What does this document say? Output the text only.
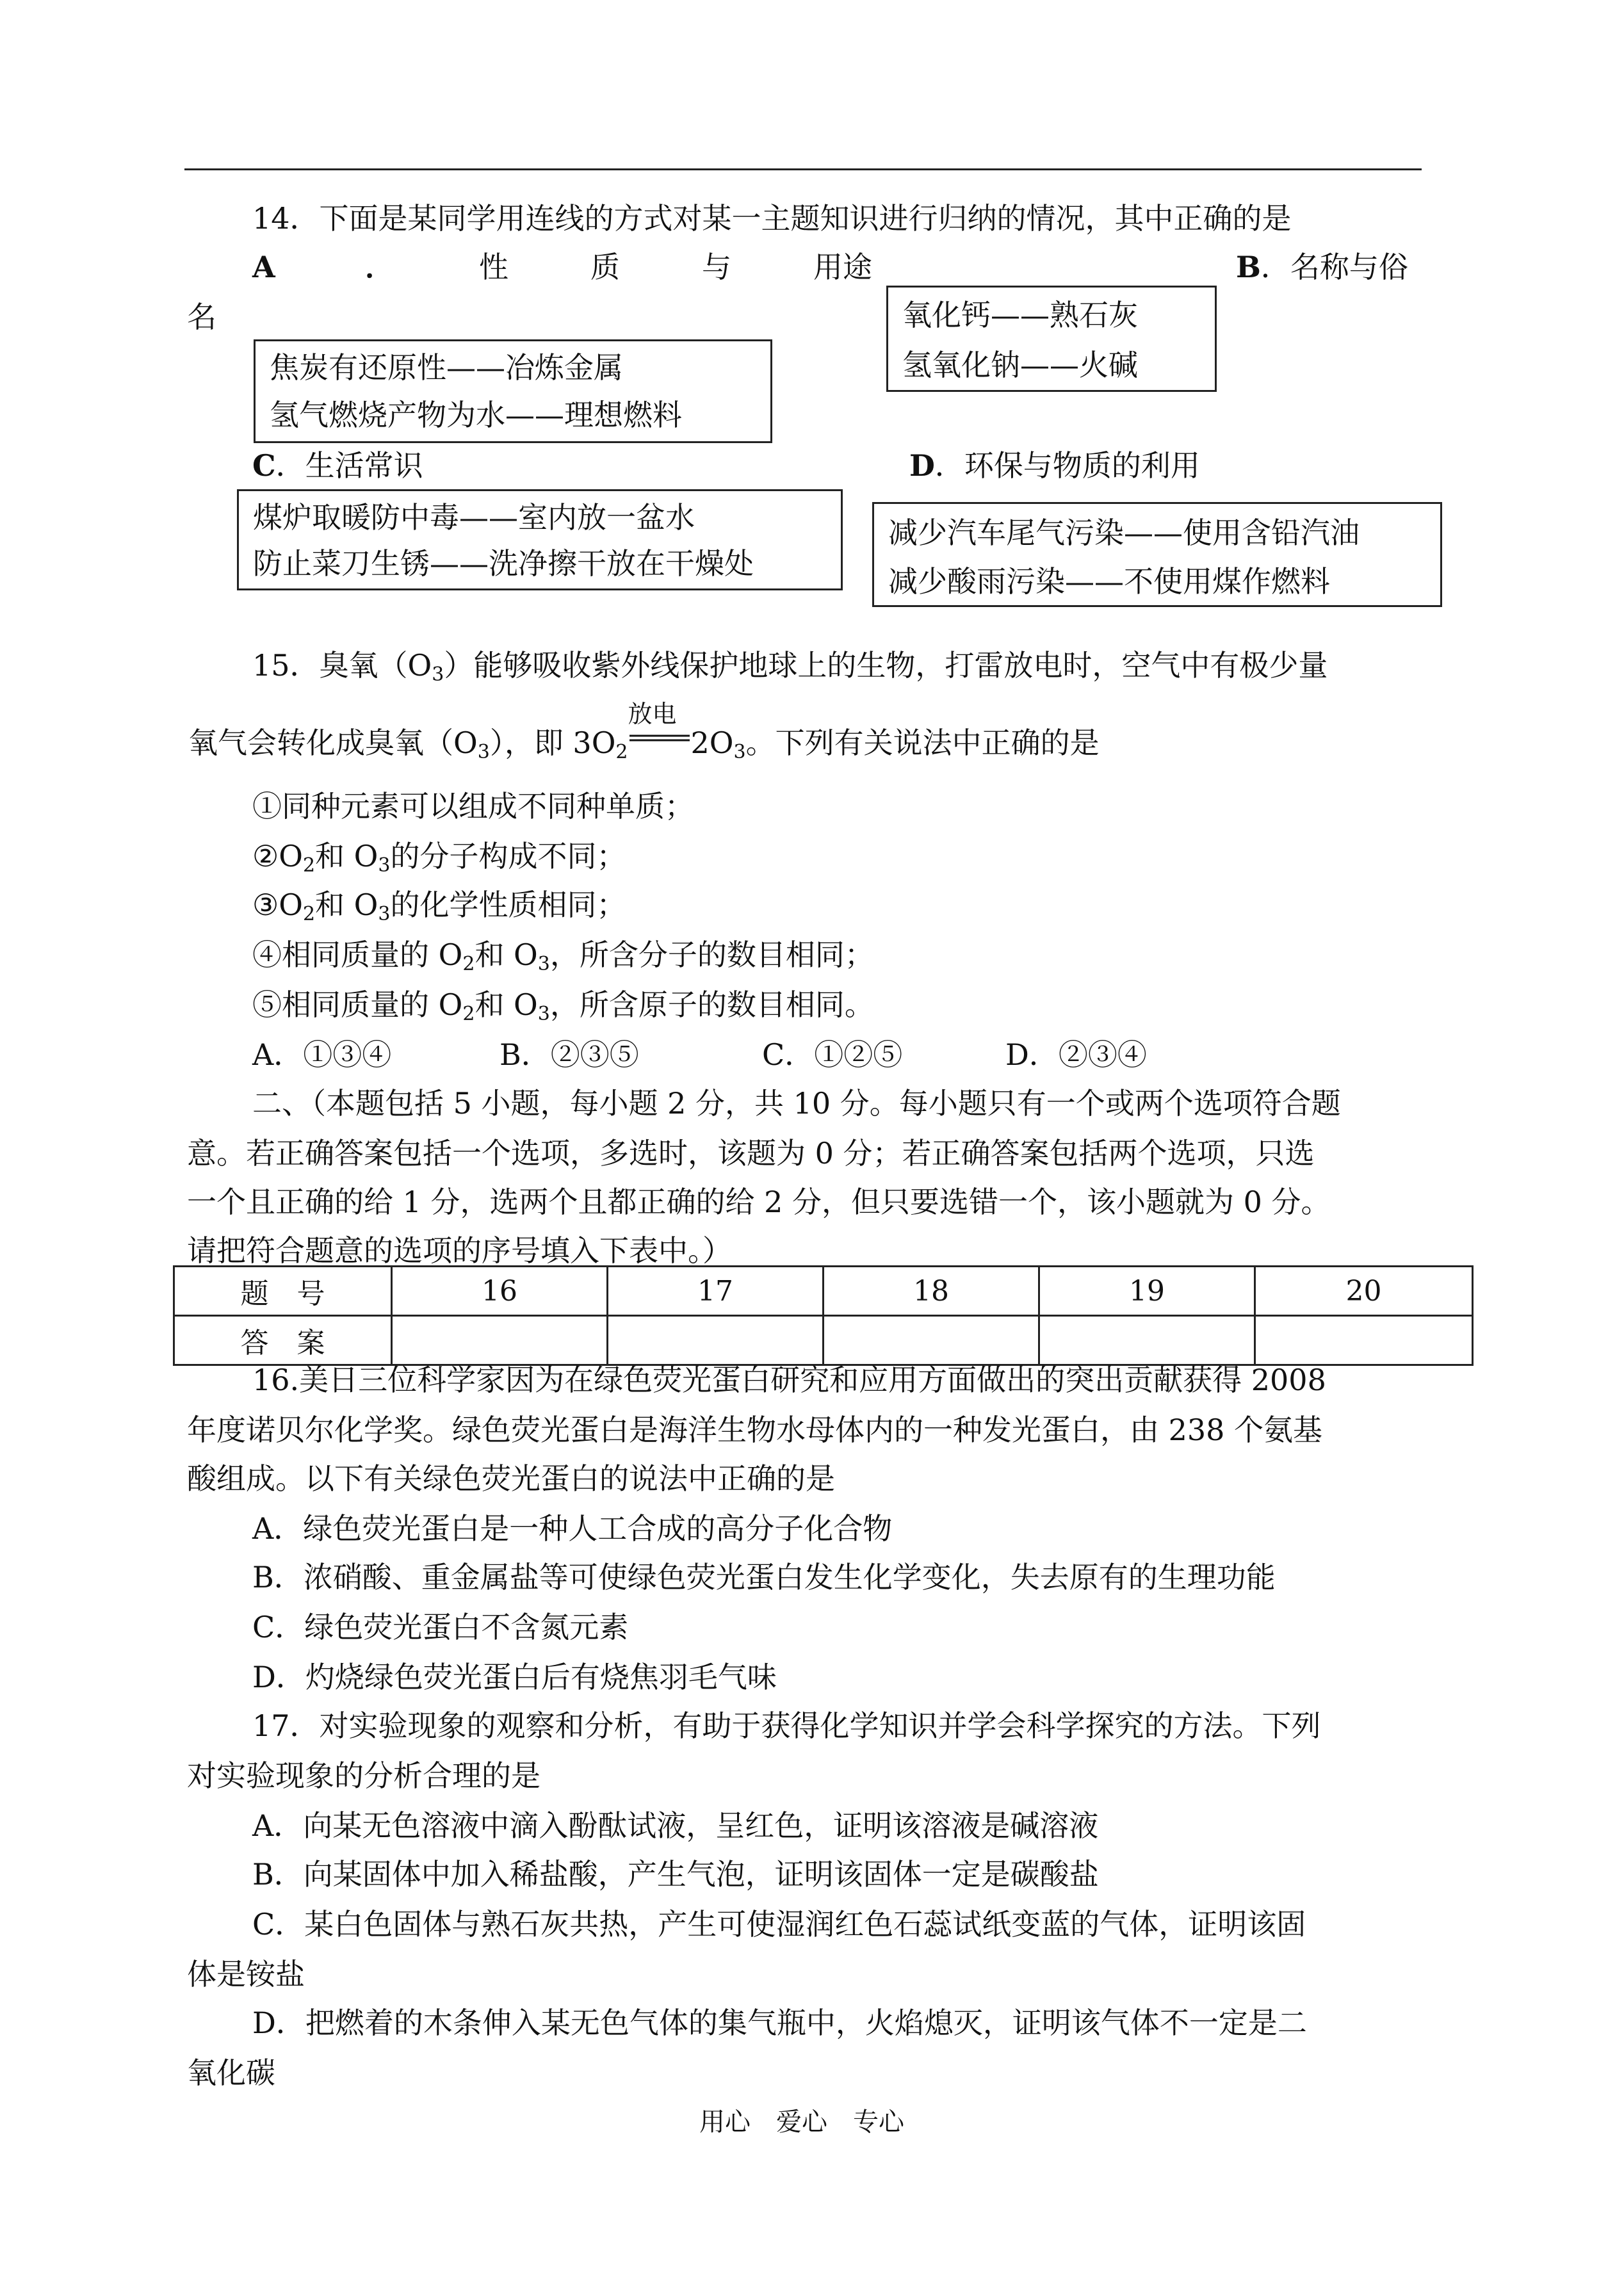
14．下面是某同学用连线的方式对某一主题知识进行归纳的情况，其中正确的是
A	．	性	质	与	用 途	B．名称与俗
名	氧化钙——熟石灰
氢氧化钠——火碱
焦炭有还原性——冶炼金属
氢气燃烧产物为水——理想燃料
C．生活常识	D．环保与物质的利用
煤炉取暖防中毒——室内放一盆水
防止菜刀生锈——洗净擦干放在干燥处
减少汽车尾气污染——使用含铅汽油
减少酸雨污染——不使用煤作燃料
15．臭氧$(O_3)$能够吸收紫外线保护地球上的生物，打雷放电时，空气中有极少量
氧气会转化成臭氧$(O_3)$，即 $3O_2$
放电
$2O_3$。下列有关说法中正确的是
①同种元素可以组成不同种单质；
$②O_2$和 $O_3$的分子构成不同；
$③O_2$和 $O_3$的化学性质相同；
④相同质量的 $O_2$和 $O_3$，所含分子的数目相同；
⑤相同质量的 $O_2$和 $O_3$，所含原子的数目相同。
A．①③④	B．②③⑤	C．①②⑤	D．②③④
二、（本题包括 5 小题，每小题 2 分，共 10 分。每小题只有一个或两个选项符合题
意。若正确答案包括一个选项，多选时，该题为 0 分；若正确答案包括两个选项，只选
一个且正确的给 1 分，选两个且都正确的给 2 分，但只要选错一个，该小题就为 0 分。
请把符合题意的选项的序号填入下表中。）
题　号	16	17	18	19	20
答　案					
16.美日三位科学家因为在绿色荧光蛋白研究和应用方面做出的突出贡献获得 2008
年度诺贝尔化学奖。绿色荧光蛋白是海洋生物水母体内的一种发光蛋白，由 238 个氨基
酸组成。以下有关绿色荧光蛋白的说法中正确的是
A．绿色荧光蛋白是一种人工合成的高分子化合物
B．浓硝酸、重金属盐等可使绿色荧光蛋白发生化学变化，失去原有的生理功能
C．绿色荧光蛋白不含氮元素
D．灼烧绿色荧光蛋白后有烧焦羽毛气味
17．对实验现象的观察和分析，有助于获得化学知识并学会科学探究的方法。下列
对实验现象的分析合理的是
A．向某无色溶液中滴入酚酞试液，呈红色，证明该溶液是碱溶液
B．向某固体中加入稀盐酸，产生气泡，证明该固体一定是碳酸盐
C．某白色固体与熟石灰共热，产生可使湿润红色石蕊试纸变蓝的气体，证明该固
体是铵盐
D．把燃着的木条伸入某无色气体的集气瓶中，火焰熄灭，证明该气体不一定是二
氧化碳
用心　爱心　专心
